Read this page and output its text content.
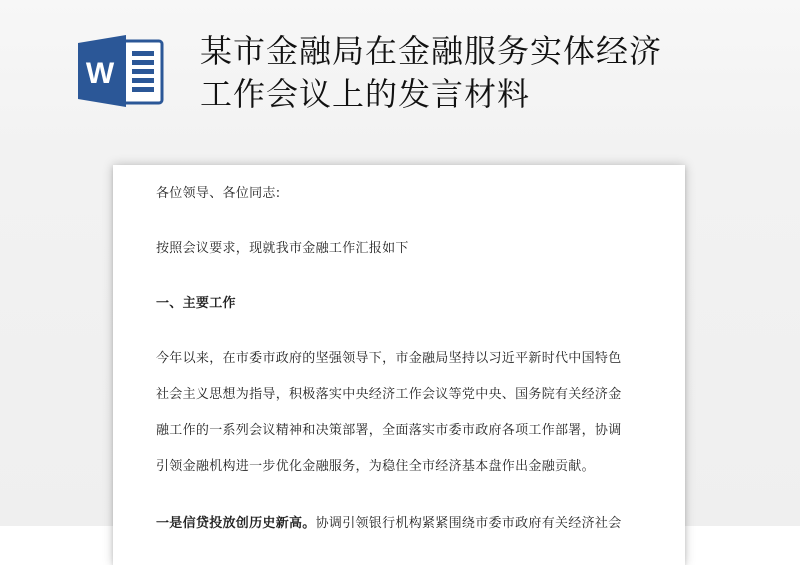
W
某市金融局在金融服务实体经济
工作会议上的发言材料
各位领导、各位同志:
按照会议要求，现就我市金融工作汇报如下
一、主要工作
今年以来，在市委市政府的坚强领导下，市金融局坚持以习近平新时代中国特色
社会主义思想为指导，积极落实中央经济工作会议等党中央、国务院有关经济金
融工作的一系列会议精神和决策部署，全面落实市委市政府各项工作部署，协调
引领金融机构进一步优化金融服务，为稳住全市经济基本盘作出金融贡献。
一是信贷投放创历史新高。协调引领银行机构紧紧围绕市委市政府有关经济社会
